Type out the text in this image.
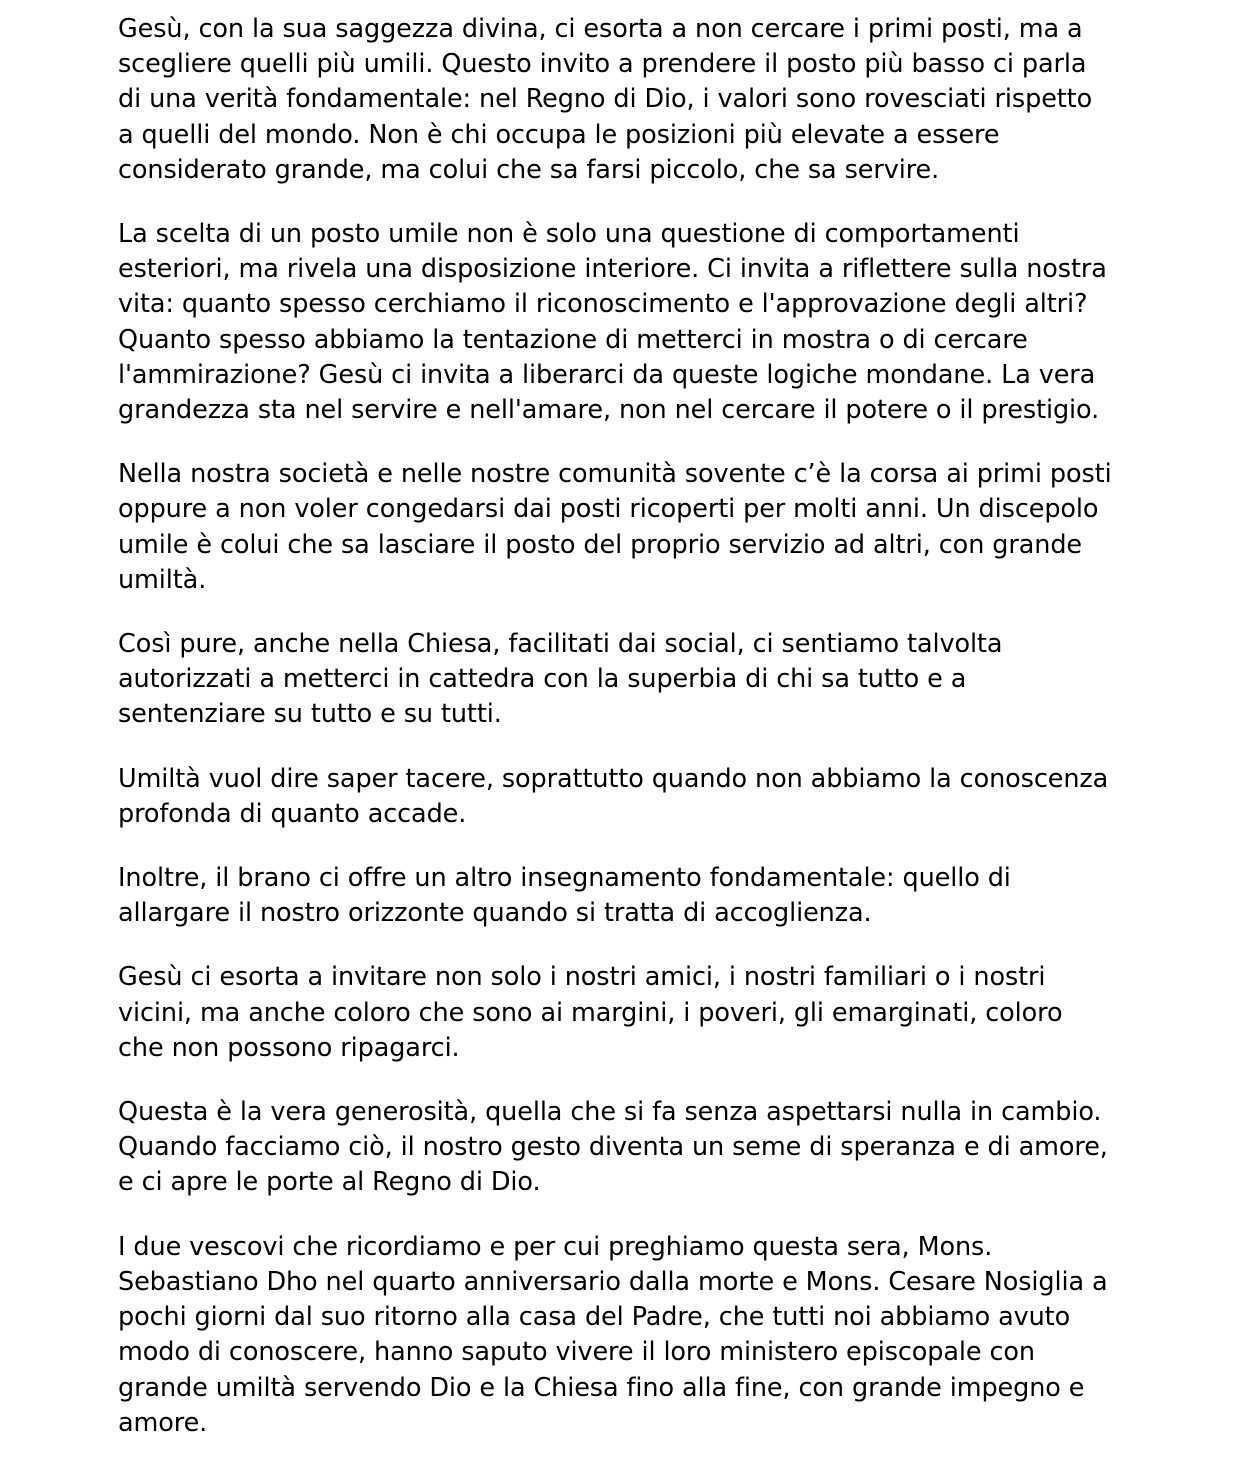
Gesù, con la sua saggezza divina, ci esorta a non cercare i primi posti, ma a
scegliere quelli più umili. Questo invito a prendere il posto più basso ci parla
di una verità fondamentale: nel Regno di Dio, i valori sono rovesciati rispetto
a quelli del mondo. Non è chi occupa le posizioni più elevate a essere
considerato grande, ma colui che sa farsi piccolo, che sa servire.

La scelta di un posto umile non è solo una questione di comportamenti
esteriori, ma rivela una disposizione interiore. Ci invita a riflettere sulla nostra
vita: quanto spesso cerchiamo il riconoscimento e l'approvazione degli altri?
Quanto spesso abbiamo la tentazione di metterci in mostra o di cercare
l'ammirazione? Gesù ci invita a liberarci da queste logiche mondane. La vera
grandezza sta nel servire e nell'amare, non nel cercare il potere o il prestigio.

Nella nostra società e nelle nostre comunità sovente c’è la corsa ai primi posti
oppure a non voler congedarsi dai posti ricoperti per molti anni. Un discepolo
umile è colui che sa lasciare il posto del proprio servizio ad altri, con grande
umiltà.

Così pure, anche nella Chiesa, facilitati dai social, ci sentiamo talvolta
autorizzati a metterci in cattedra con la superbia di chi sa tutto e a
sentenziare su tutto e su tutti.

Umiltà vuol dire saper tacere, soprattutto quando non abbiamo la conoscenza
profonda di quanto accade.

Inoltre, il brano ci offre un altro insegnamento fondamentale: quello di
allargare il nostro orizzonte quando si tratta di accoglienza.

Gesù ci esorta a invitare non solo i nostri amici, i nostri familiari o i nostri
vicini, ma anche coloro che sono ai margini, i poveri, gli emarginati, coloro
che non possono ripagarci.

Questa è la vera generosità, quella che si fa senza aspettarsi nulla in cambio.
Quando facciamo ciò, il nostro gesto diventa un seme di speranza e di amore,
e ci apre le porte al Regno di Dio.

I due vescovi che ricordiamo e per cui preghiamo questa sera, Mons.
Sebastiano Dho nel quarto anniversario dalla morte e Mons. Cesare Nosiglia a
pochi giorni dal suo ritorno alla casa del Padre, che tutti noi abbiamo avuto
modo di conoscere, hanno saputo vivere il loro ministero episcopale con
grande umiltà servendo Dio e la Chiesa fino alla fine, con grande impegno e
amore.
